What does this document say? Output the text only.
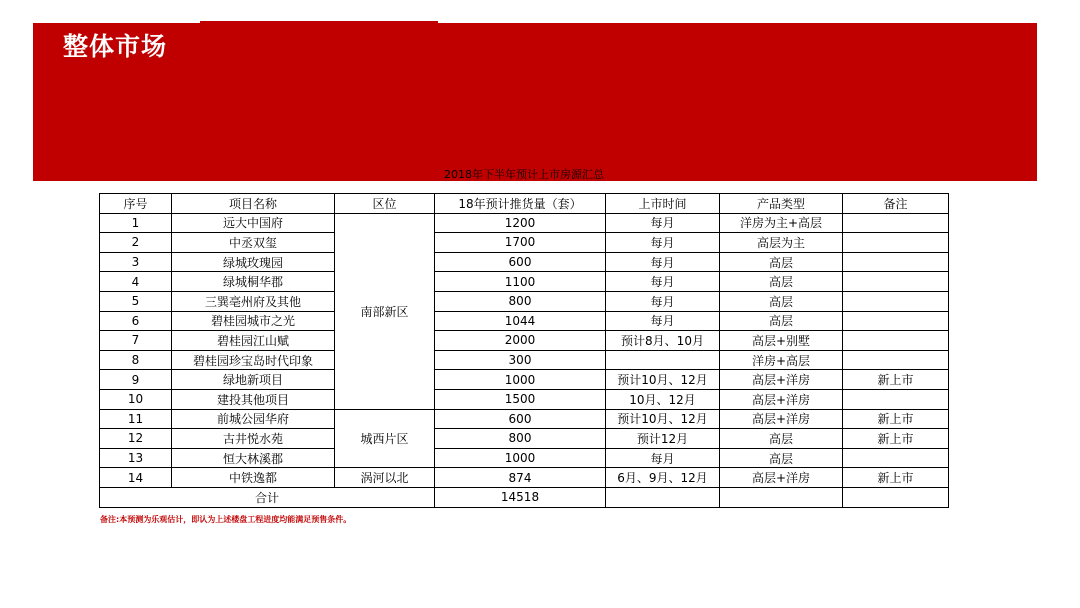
整体市场
2018年下半年预计上市房源汇总
序号	项目名称	区位	18年预计推货量（套）	上市时间	产品类型	备注
1	远大中国府	南部新区	1200	每月	洋房为主+高层	
2	中丞双玺		1700	每月	高层为主	
3	绿城玫瑰园		600	每月	高层	
4	绿城桐华郡		1100	每月	高层	
5	三巽亳州府及其他		800	每月	高层	
6	碧桂园城市之光		1044	每月	高层	
7	碧桂园江山赋		2000	预计8月、10月	高层+别墅	
8	碧桂园珍宝岛时代印象		300		洋房+高层	
9	绿地新项目		1000	预计10月、12月	高层+洋房	新上市
10	建投其他项目		1500	10月、12月	高层+洋房	
11	前城公园华府	城西片区	600	预计10月、12月	高层+洋房	新上市
12	古井悦水苑		800	预计12月	高层	新上市
13	恒大林溪郡		1000	每月	高层	
14	中铁逸都	涡河以北	874	6月、9月、12月	高层+洋房	新上市
合计			14518			
备注:本预测为乐观估计，即认为上述楼盘工程进度均能满足预售条件。
